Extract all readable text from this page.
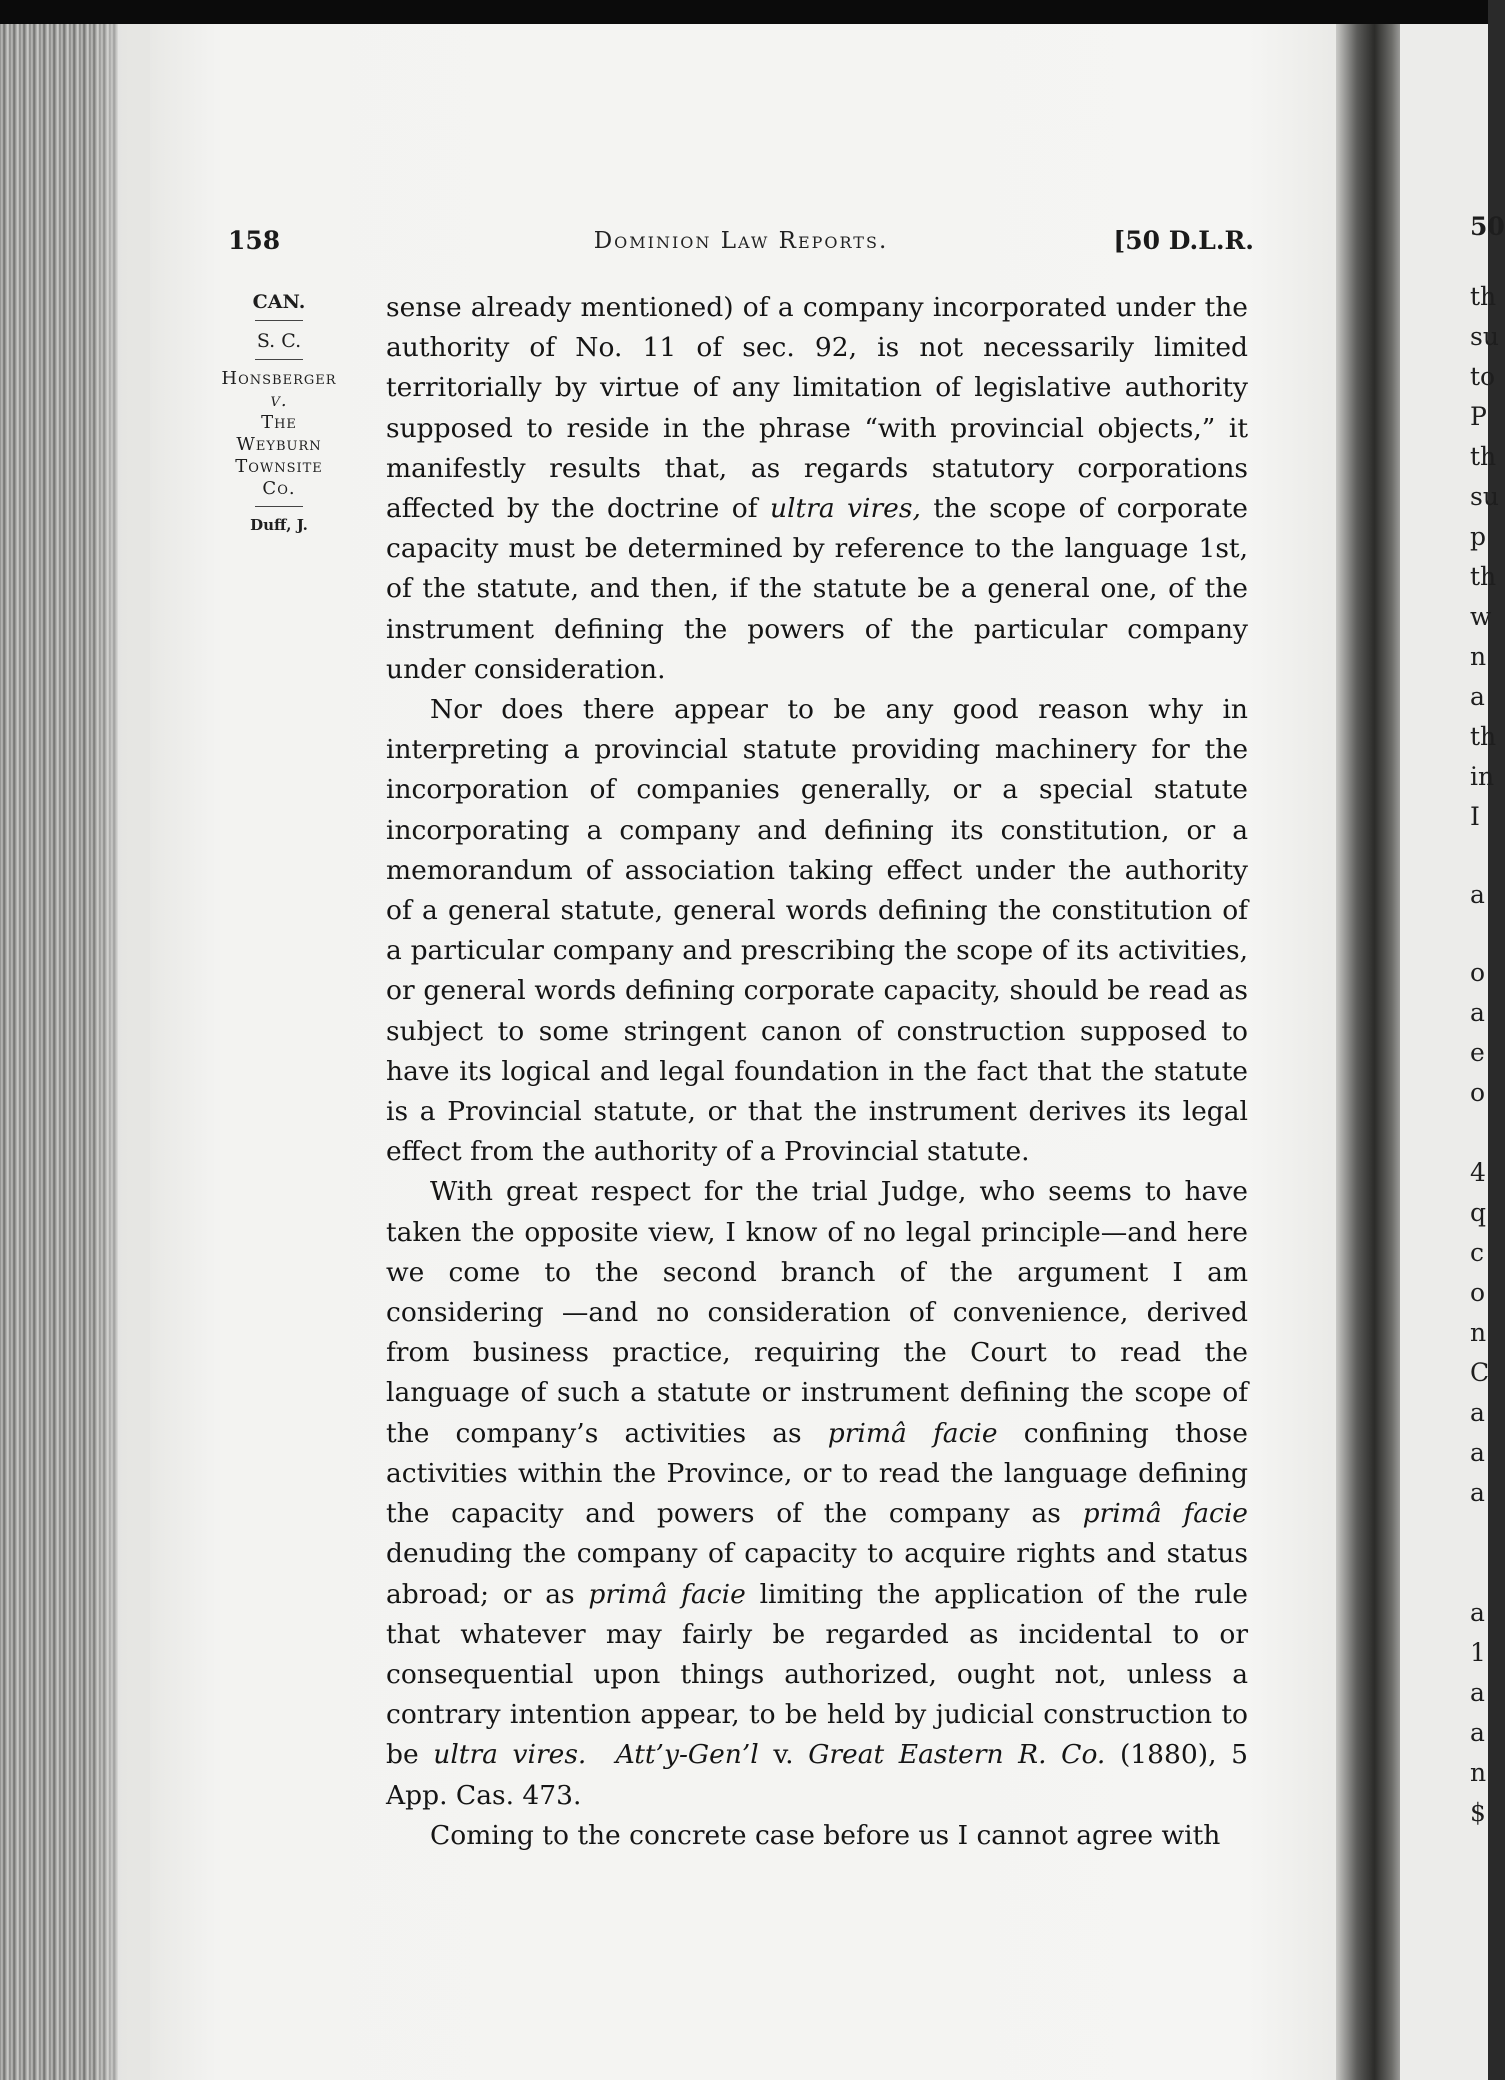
50
th
su
to
P
th
su
p
th
w
n
a
th
in
I
a
o
a
e
o
4
q
c
o
n
C
a
a
a
a
1
a
a
n
$
158	Dominion Law Reports.	[50 D.L.R.

CAN.

S. C.

Honsberger

v.

The

Weyburn

Townsite

Co.

Duff, J.

sense already mentioned) of a company incorporated under the authority of No. 11 of sec. 92, is not necessarily limited territorially by virtue of any limitation of legislative authority supposed to reside in the phrase “with provincial objects,” it manifestly results that, as regards statutory corporations affected by the doctrine of ultra vires, the scope of corporate capacity must be determined by reference to the language 1st, of the statute, and then, if the statute be a general one, of the instrument defining the powers of the particular company under consideration.

Nor does there appear to be any good reason why in interpreting a provincial statute providing machinery for the incorporation of companies generally, or a special statute incorporating a company and defining its constitution, or a memorandum of association taking effect under the authority of a general statute, general words defining the constitution of a particular company and prescribing the scope of its activities, or general words defining corporate capacity, should be read as subject to some stringent canon of construction supposed to have its logical and legal foundation in the fact that the statute is a Provincial statute, or that the instrument derives its legal effect from the authority of a Provincial statute.

With great respect for the trial Judge, who seems to have taken the opposite view, I know of no legal principle—and here we come to the second branch of the argument I am considering —and no consideration of convenience, derived from business practice, requiring the Court to read the language of such a statute or instrument defining the scope of the company’s activities as primâ facie confining those activities within the Province, or to read the language defining the capacity and powers of the company as primâ facie denuding the company of capacity to acquire rights and status abroad; or as primâ facie limiting the application of the rule that whatever may fairly be regarded as incidental to or consequential upon things authorized, ought not, unless a contrary intention appear, to be held by judicial construction to be ultra vires. Att’y-Gen’l v. Great Eastern R. Co. (1880), 5 App. Cas. 473.

Coming to the concrete case before us I cannot agree with
